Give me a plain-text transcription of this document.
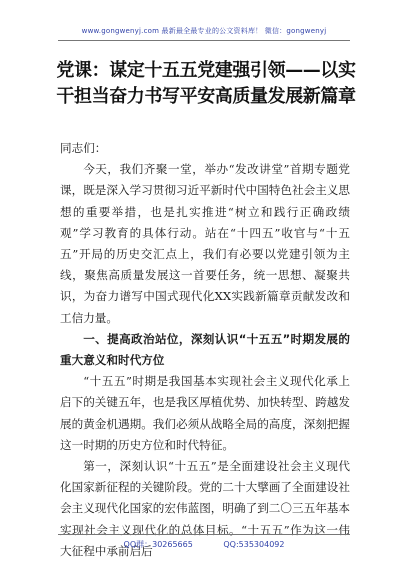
www.gongwenyj.com 最新最全最专业的公文资料库！ 微信：gongwenyj
党课：谋定十五五党建强引领——以实干担当奋力书写平安高质量发展新篇章

同志们：

今天，我们齐聚一堂，举办“发改讲堂”首期专题党课，既是深入学习贯彻习近平新时代中国特色社会主义思想的重要举措，也是扎实推进“树立和践行正确政绩观”学习教育的具体行动。站在“十四五”收官与“十五五”开局的历史交汇点上，我们有必要以党建引领为主线，聚焦高质量发展这一首要任务，统一思想、凝聚共识，为奋力谱写中国式现代化XX实践新篇章贡献发改和工信力量。

一、提高政治站位，深刻认识“十五五”时期发展的重大意义和时代方位

“十五五”时期是我国基本实现社会主义现代化承上启下的关键五年，也是我区厚植优势、加快转型、跨越发展的黄金机遇期。我们必须从战略全局的高度，深刻把握这一时期的历史方位和时代特征。

第一，深刻认识“十五五”是全面建设社会主义现代化国家新征程的关键阶段。党的二十大擘画了全面建设社会主义现代化国家的宏伟蓝图，明确了到二〇三五年基本实现社会主义现代化的总体目标。“十五五”作为这一伟大征程中承前启后

QQ群：30265665	QQ:535304092
